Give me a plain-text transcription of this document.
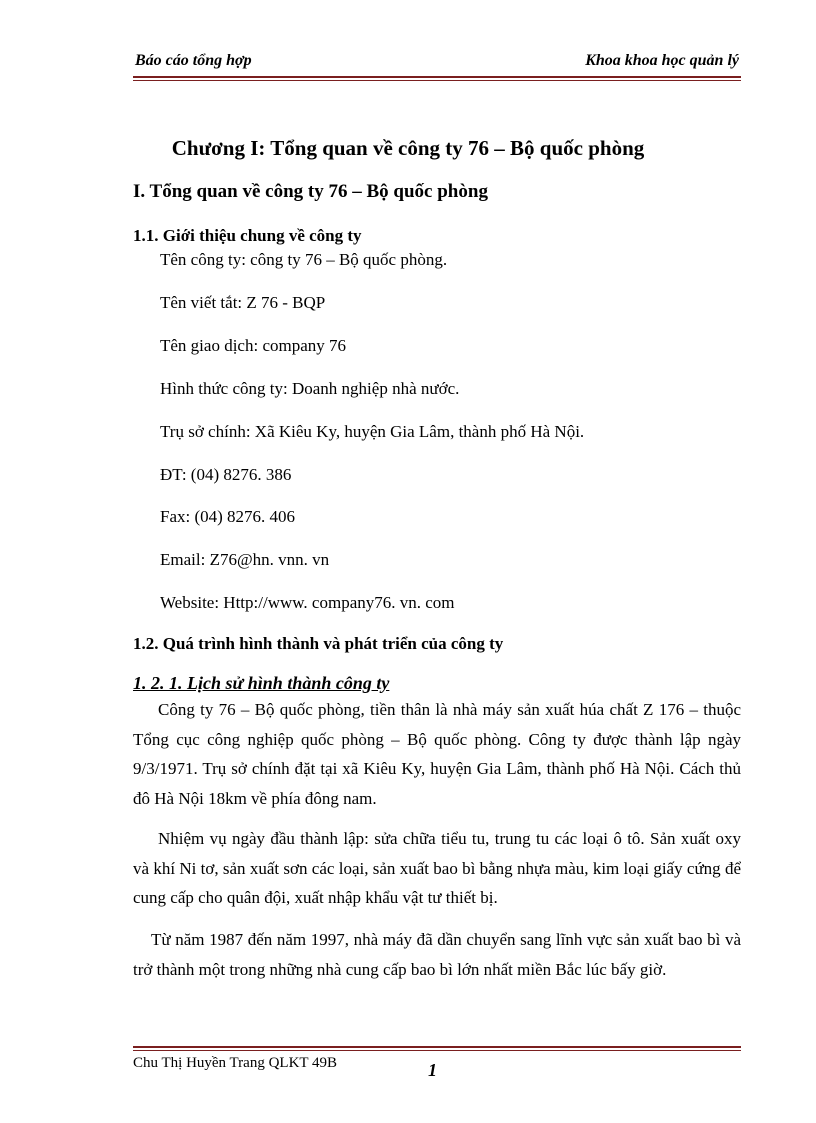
Báo cáo tổng hợp	Khoa khoa học quản lý
Chương I: Tổng quan về công ty 76 – Bộ quốc phòng
I. Tổng quan về công ty 76 – Bộ quốc phòng
1.1. Giới thiệu chung về công ty
Tên công ty: công ty 76 – Bộ quốc phòng.
Tên viết tắt: Z 76 - BQP
Tên giao dịch: company 76
Hình thức công ty: Doanh nghiệp nhà nước.
Trụ sở chính: Xã Kiêu Ky, huyện Gia Lâm, thành phố Hà Nội.
ĐT: (04) 8276. 386
Fax: (04) 8276. 406
Email: Z76@hn. vnn. vn
Website: Http://www. company76. vn. com
1.2. Quá trình hình thành và phát triển của công ty
1. 2. 1. Lịch sử hình thành công ty
Công ty 76 – Bộ quốc phòng, tiền thân là nhà máy sản xuất húa chất Z 176 – thuộc Tổng cục công nghiệp quốc phòng – Bộ quốc phòng. Công ty được thành lập ngày 9/3/1971. Trụ sở chính đặt tại xã Kiêu Ky, huyện Gia Lâm, thành phố Hà Nội. Cách thủ đô Hà Nội 18km về phía đông nam.
Nhiệm vụ ngày đầu thành lập: sửa chữa tiểu tu, trung tu các loại ô tô. Sản xuất oxy và khí Ni tơ, sản xuất sơn các loại, sản xuất bao bì bằng nhựa màu, kim loại giấy cứng để cung cấp cho quân đội, xuất nhập khẩu vật tư thiết bị.
Từ năm 1987 đến năm 1997, nhà máy đã dần chuyển sang lĩnh vực sản xuất bao bì và trở thành một trong những nhà cung cấp bao bì lớn nhất miền Bắc lúc bấy giờ.
Chu Thị Huyền Trang QLKT 49B	1
